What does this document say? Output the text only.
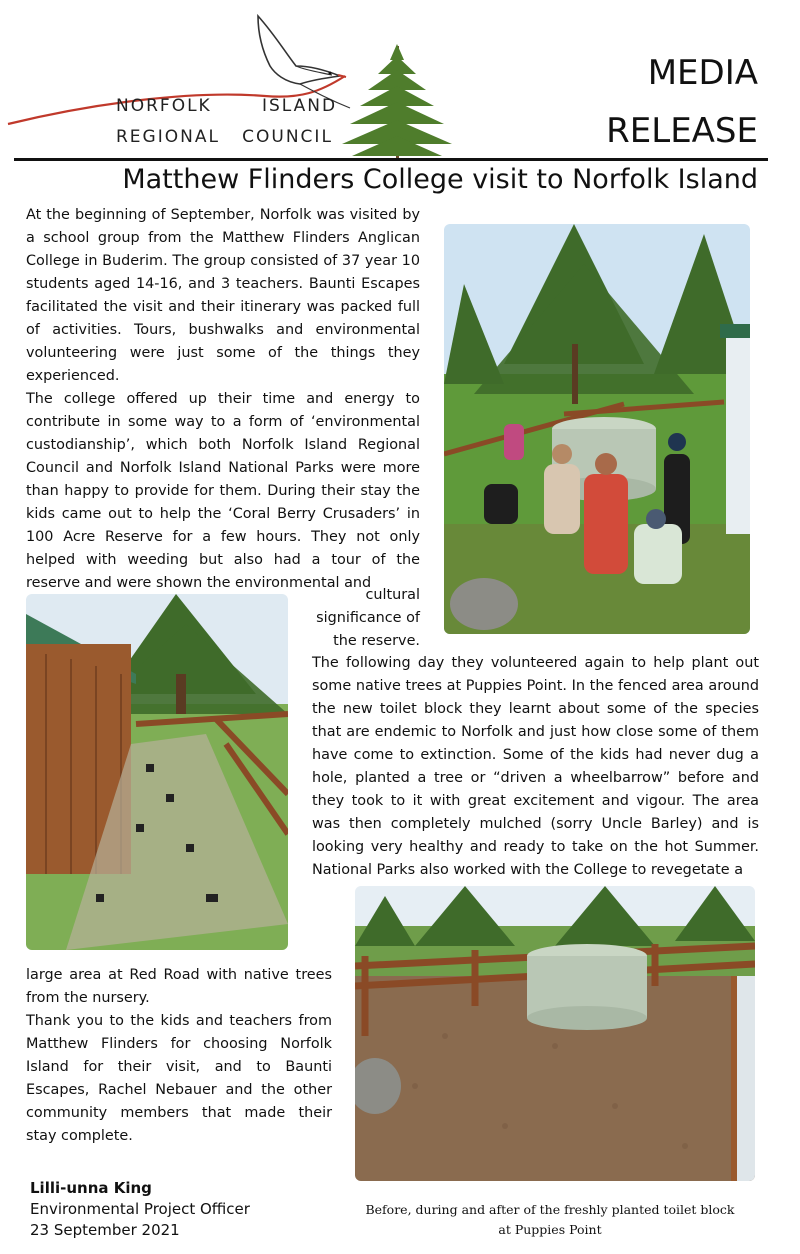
NORFOLK	ISLAND
REGIONAL   COUNCIL
MEDIA
RELEASE
Matthew Flinders College visit to Norfolk Island

At the beginning of September, Norfolk was visited by a school group from the Matthew Flinders Anglican College in Buderim. The group consisted of 37 year 10 students aged 14-16, and 3 teachers. Baunti Escapes facilitated the visit and their itinerary was packed full of activities. Tours, bushwalks and environmental volunteering were just some of the things they experienced.

The college offered up their time and energy to contribute in some way to a form of ‘environmental custodianship’, which both Norfolk Island Regional Council and Norfolk Island National Parks were more than happy to provide for them. During their stay the kids came out to help the ‘Coral Berry Crusaders’ in 100 Acre Reserve for a few hours. They not only helped with weeding but also had a tour of the reserve and were shown the environmental and

cultural significance of the reserve.

The following day they volunteered again to help plant out some native trees at Puppies Point. In the fenced area around the new toilet block they learnt about some of the species that are endemic to Norfolk and just how close some of them have come to extinction. Some of the kids had never dug a hole, planted a tree or “driven a wheelbarrow” before and they took to it with great excitement and vigour. The area was then completely mulched (sorry Uncle Barley) and is looking very healthy and ready to take on the hot Summer. National Parks also worked with the College to revegetate a

large area at Red Road with native trees from the nursery.

Thank you to the kids and teachers from Matthew Flinders for choosing Norfolk Island for their visit, and to Baunti Escapes, Rachel Nebauer and the other community members that made their stay complete.

Lilli-unna King
Environmental Project Officer
23 September 2021
Before, during and after of the freshly planted toilet block at Puppies Point
